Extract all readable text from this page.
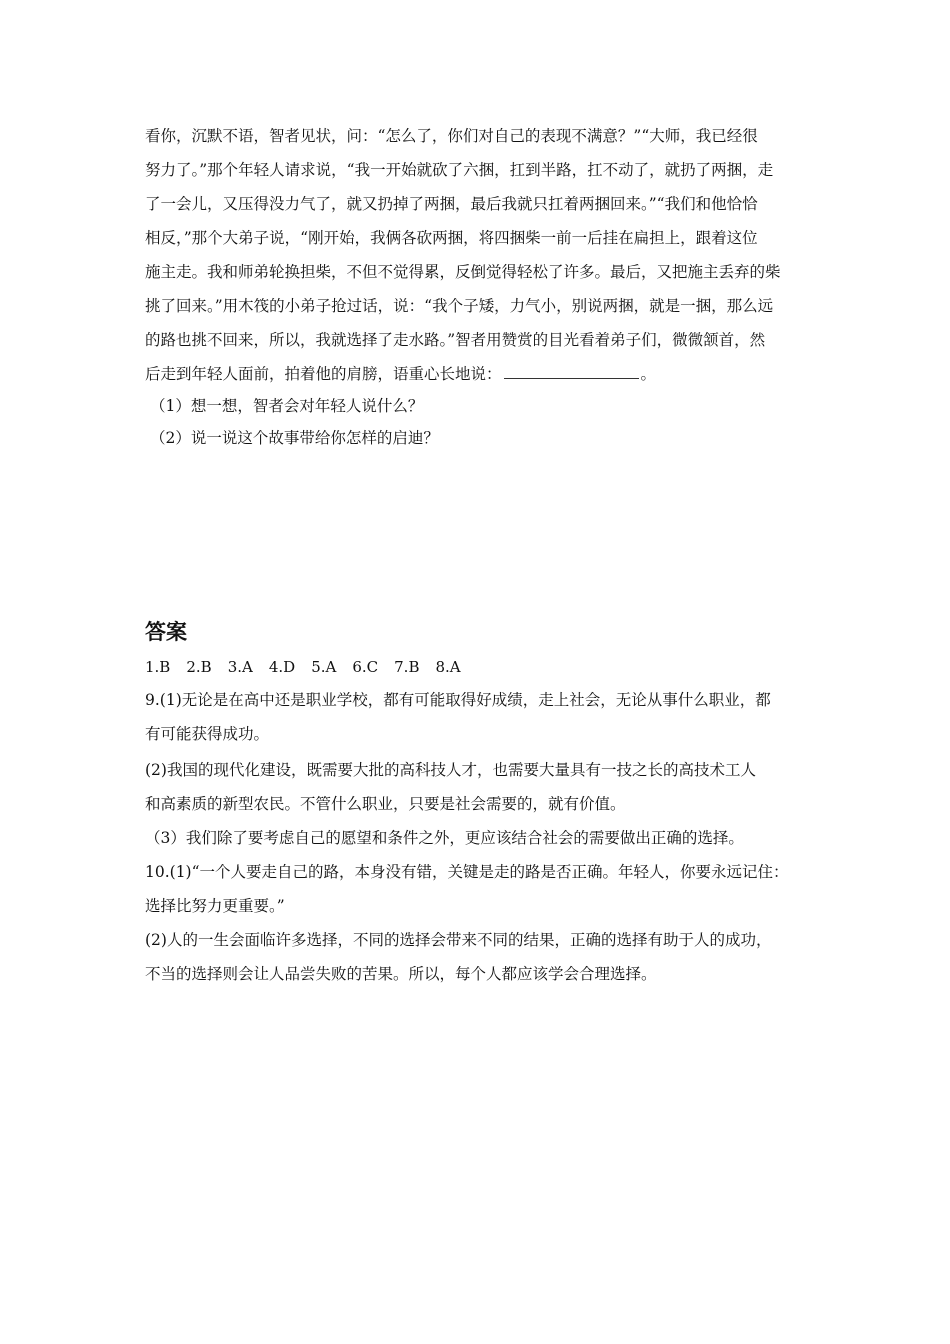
看你，沉默不语，智者见状，问：“怎么了，你们对自己的表现不满意？”“大师，我已经很
努力了。”那个年轻人请求说，“我一开始就砍了六捆，扛到半路，扛不动了，就扔了两捆，走
了一会儿，又压得没力气了，就又扔掉了两捆，最后我就只扛着两捆回来。”“我们和他恰恰
相反，”那个大弟子说，“刚开始，我俩各砍两捆，将四捆柴一前一后挂在扁担上，跟着这位
施主走。我和师弟轮换担柴，不但不觉得累，反倒觉得轻松了许多。最后，又把施主丢弃的柴
挑了回来。”用木筏的小弟子抢过话，说：“我个子矮，力气小，别说两捆，就是一捆，那么远
的路也挑不回来，所以，我就选择了走水路。”智者用赞赏的目光看着弟子们，微微颔首，然
后走到年轻人面前，拍着他的肩膀，语重心长地说：	。
（1）想一想，智者会对年轻人说什么？
（2）说一说这个故事带给你怎样的启迪？
答案
1.B 2.B 3.A 4.D 5.A 6.C 7.B 8.A
9.(1)无论是在高中还是职业学校，都有可能取得好成绩，走上社会，无论从事什么职业，都
有可能获得成功。
(2)我国的现代化建设，既需要大批的高科技人才，也需要大量具有一技之长的高技术工人
和高素质的新型农民。不管什么职业，只要是社会需要的，就有价值。
（3）我们除了要考虑自己的愿望和条件之外，更应该结合社会的需要做出正确的选择。
10.(1)“一个人要走自己的路，本身没有错，关键是走的路是否正确。年轻人，你要永远记住：
选择比努力更重要。”
(2)人的一生会面临许多选择，不同的选择会带来不同的结果，正确的选择有助于人的成功，
不当的选择则会让人品尝失败的苦果。所以，每个人都应该学会合理选择。
